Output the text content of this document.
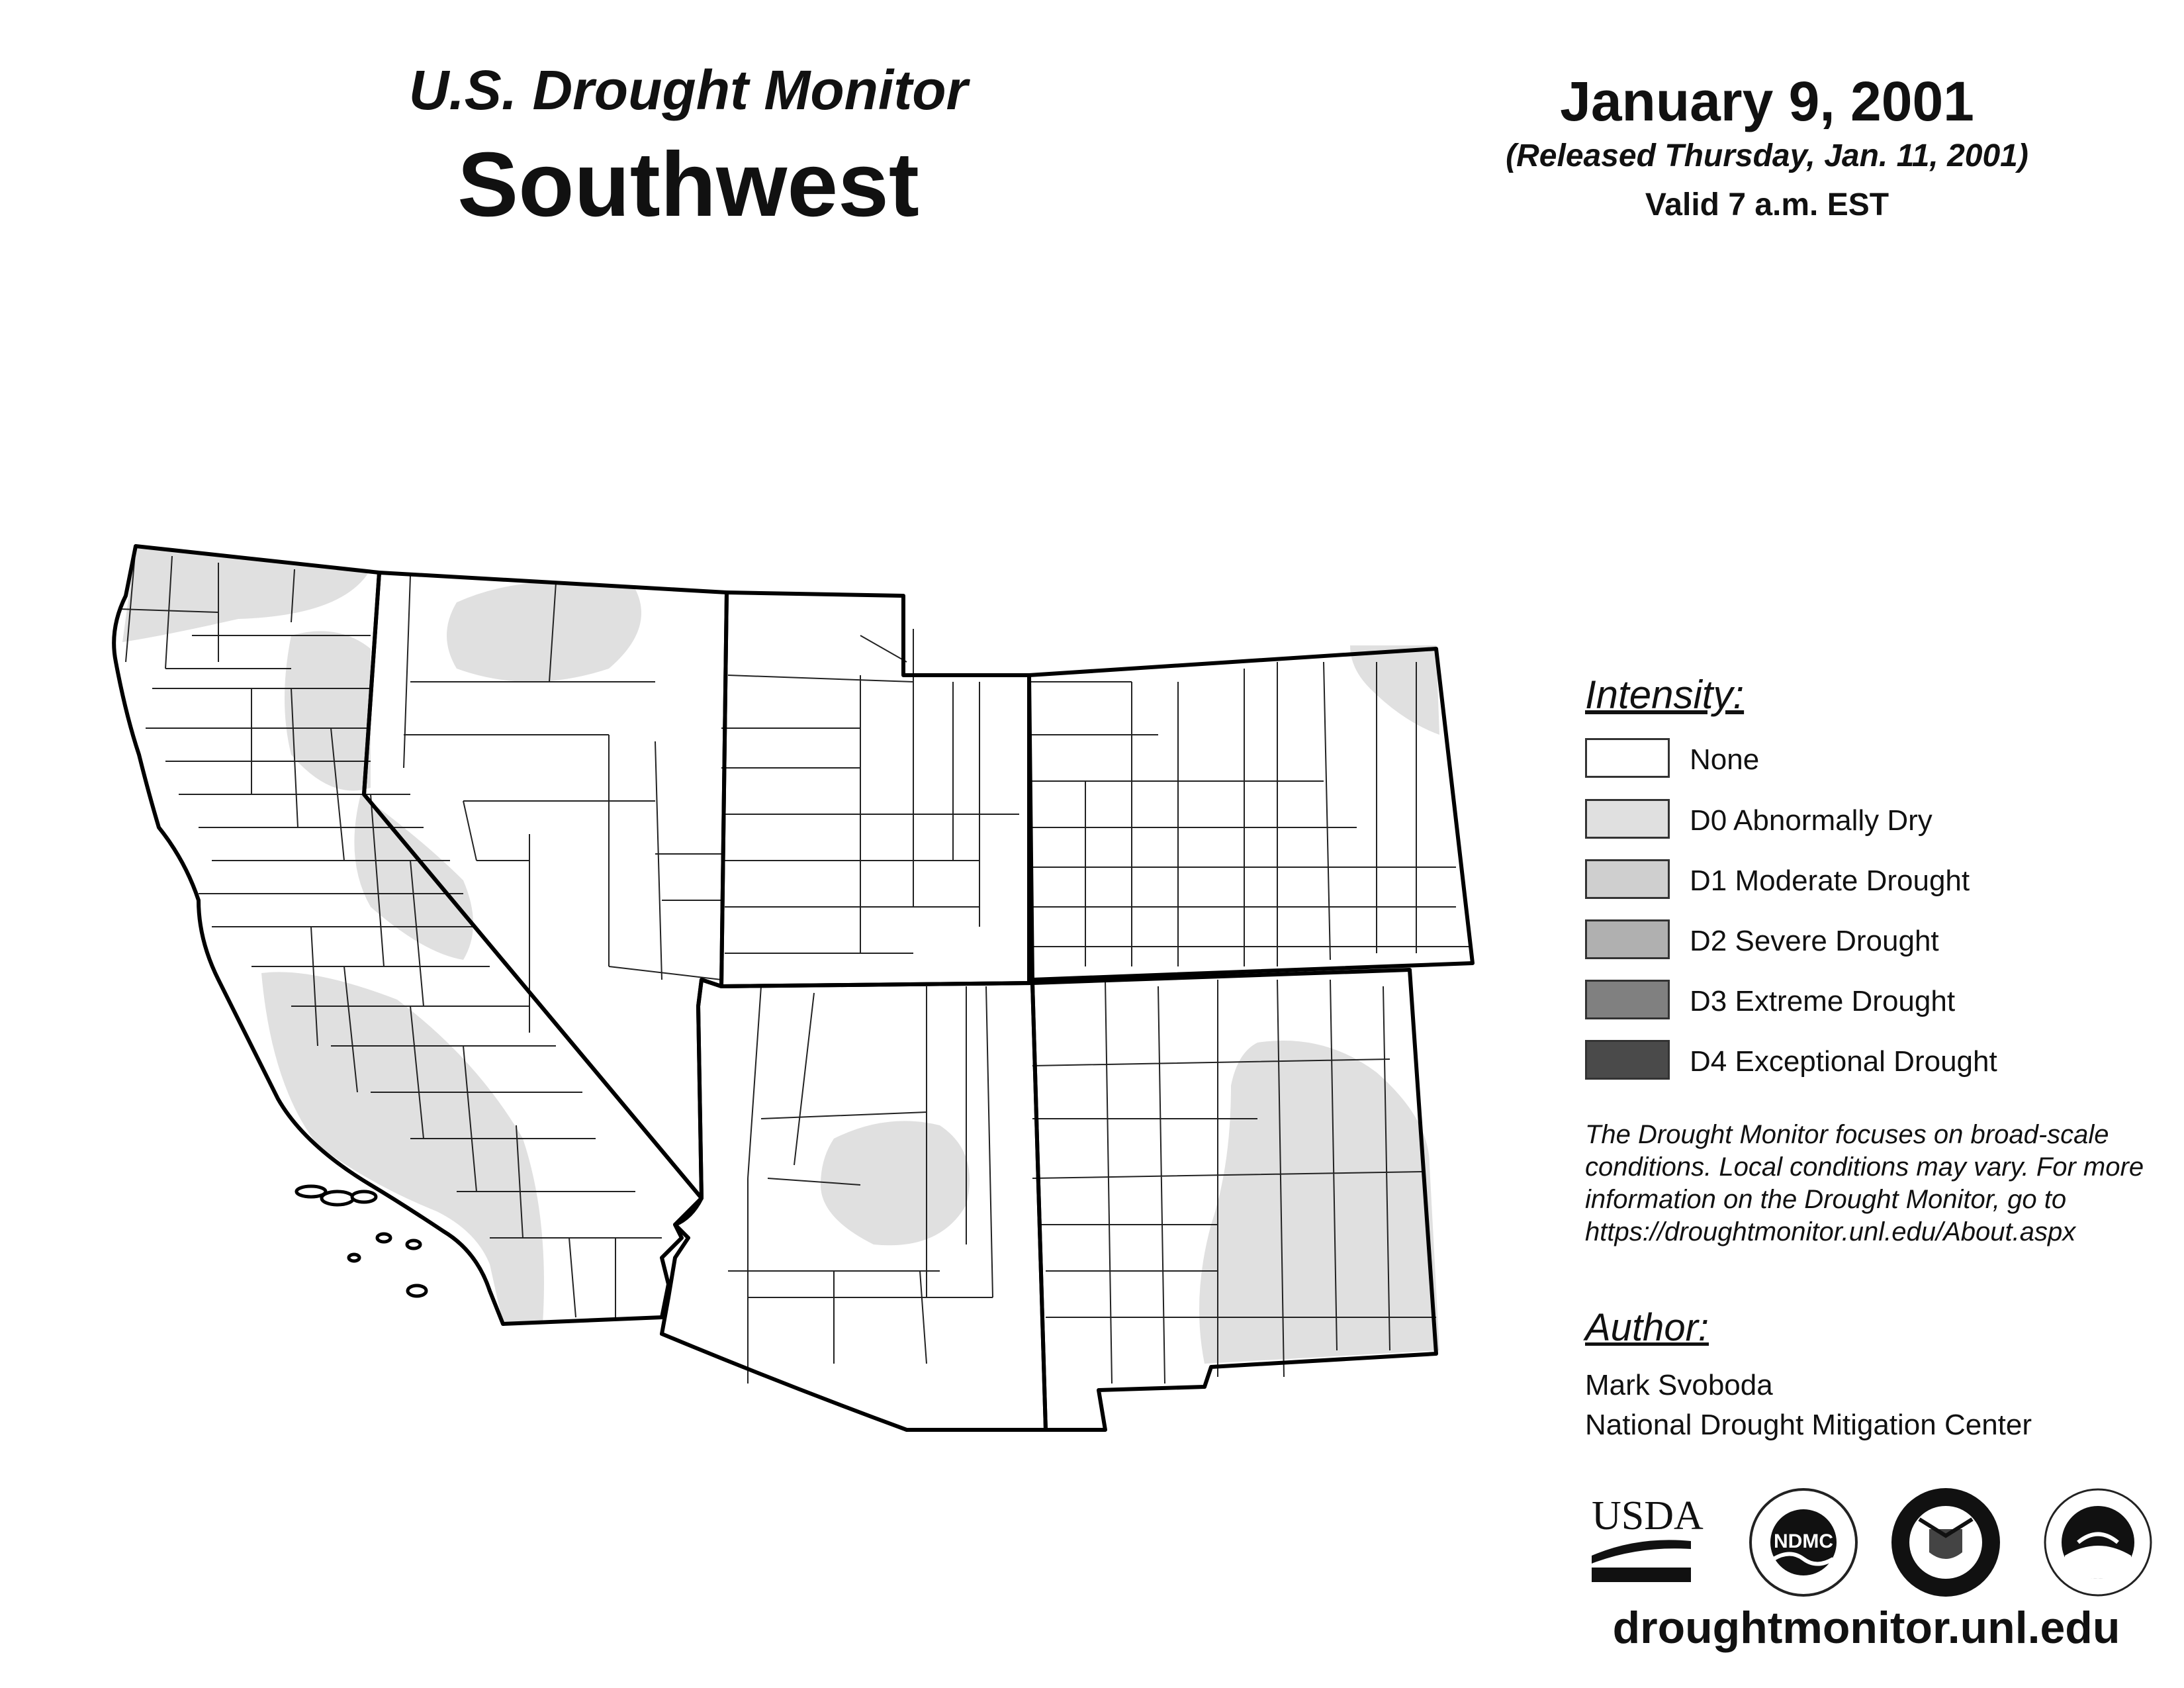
U.S. Drought Monitor
Southwest
January 9, 2001
(Released Thursday, Jan. 11, 2001)
Valid 7 a.m. EST
Intensity:
None
D0 Abnormally Dry
D1 Moderate Drought
D2 Severe Drought
D3 Extreme Drought
D4 Exceptional Drought
The Drought Monitor focuses on broad-scale conditions. Local conditions may vary. For more information on the Drought Monitor, go to https://droughtmonitor.unl.edu/About.aspx
Author:
Mark Svoboda
National Drought Mitigation Center
USDA
NDMC
droughtmonitor.unl.edu
